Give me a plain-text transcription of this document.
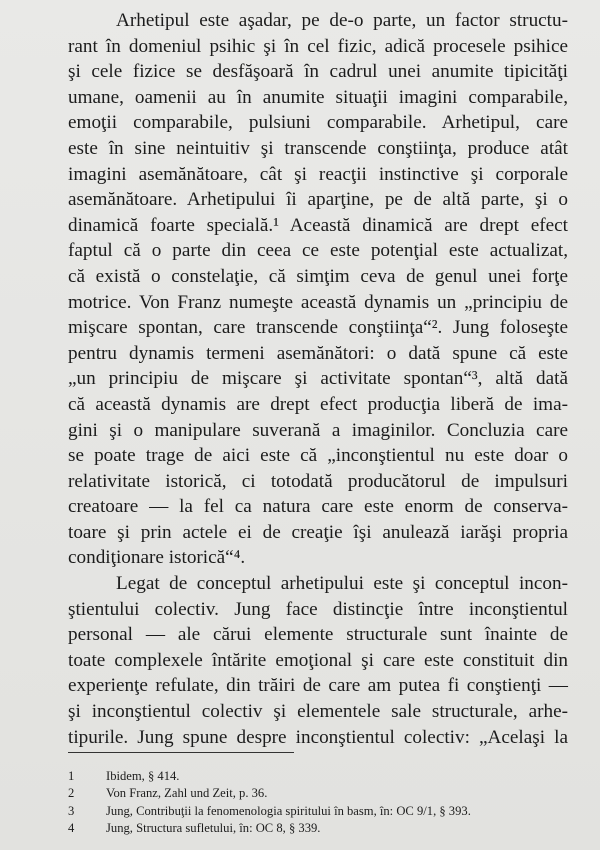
Arhetipul este aşadar, pe de-o parte, un factor structu-
rant în domeniul psihic şi în cel fizic, adică procesele psihice
şi cele fizice se desfăşoară în cadrul unei anumite tipicităţi
umane, oamenii au în anumite situaţii imagini comparabile,
emoţii comparabile, pulsiuni comparabile. Arhetipul, care
este în sine neintuitiv şi transcende conştiinţa, produce atât
imagini asemănătoare, cât şi reacţii instinctive şi corporale
asemănătoare. Arhetipului îi aparţine, pe de altă parte, şi o
dinamică foarte specială.¹ Această dinamică are drept efect
faptul că o parte din ceea ce este potenţial este actualizat,
că există o constelaţie, că simţim ceva de genul unei forţe
motrice. Von Franz numeşte această dynamis un „principiu de
mişcare spontan, care transcende conştiinţa“². Jung foloseşte
pentru dynamis termeni asemănători: o dată spune că este
„un principiu de mişcare şi activitate spontan“³, altă dată
că această dynamis are drept efect producţia liberă de ima-
gini şi o manipulare suverană a imaginilor. Concluzia care
se poate trage de aici este că „inconştientul nu este doar o
relativitate istorică, ci totodată producătorul de impulsuri
creatoare — la fel ca natura care este enorm de conserva-
toare şi prin actele ei de creaţie îşi anulează iarăşi propria
condiţionare istorică“⁴.
Legat de conceptul arhetipului este şi conceptul incon-
ştientului colectiv. Jung face distincţie între inconştientul
personal — ale cărui elemente structurale sunt înainte de
toate complexele întărite emoţional şi care este constituit din
experienţe refulate, din trăiri de care am putea fi conştienţi —
şi inconştientul colectiv şi elementele sale structurale, arhe-
tipurile. Jung spune despre inconştientul colectiv: „Acelaşi la
1	Ibidem, § 414.
2	Von Franz, Zahl und Zeit, p. 36.
3	Jung, Contribuţii la fenomenologia spiritului în basm, în: OC 9/1, § 393.
4	Jung, Structura sufletului, în: OC 8, § 339.
